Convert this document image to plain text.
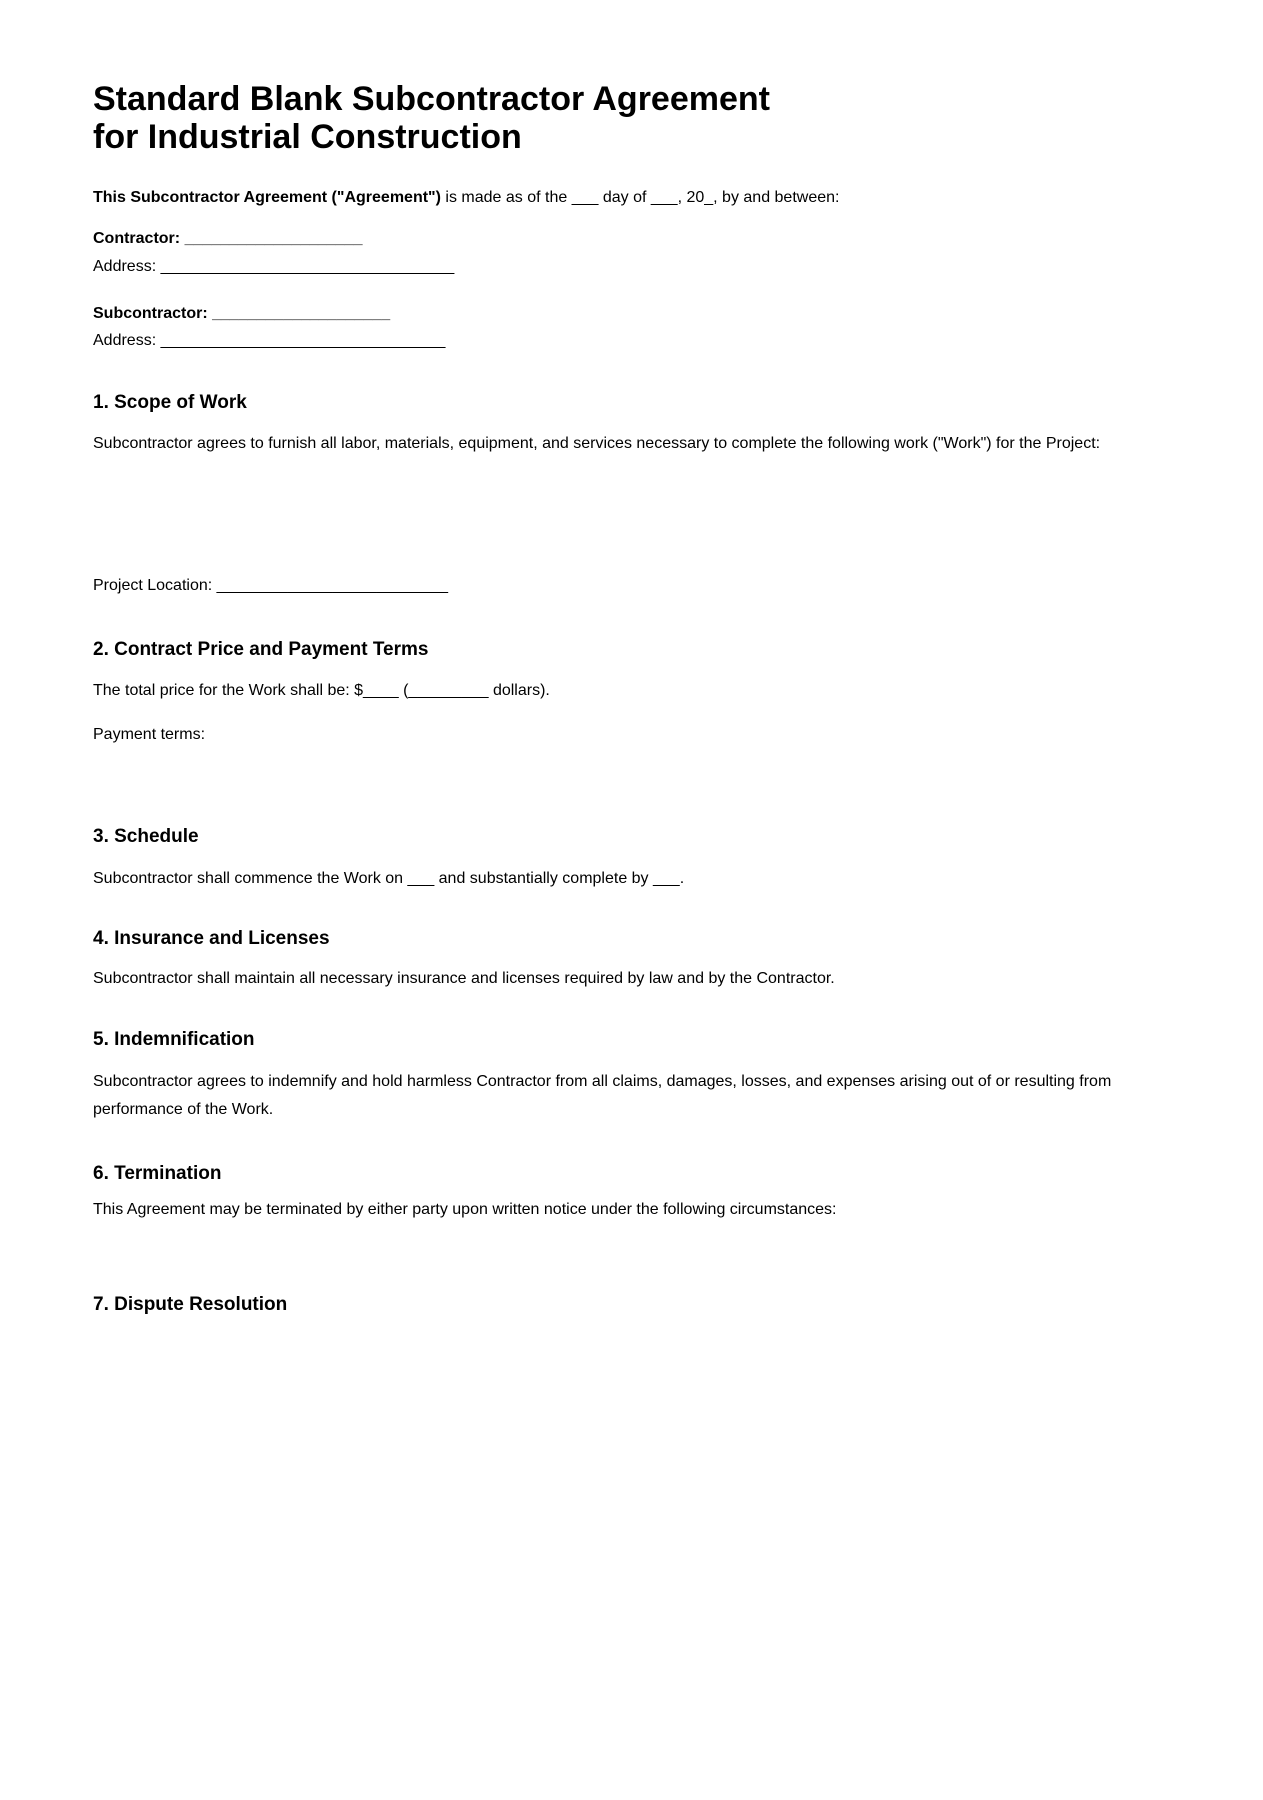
Standard Blank Subcontractor Agreement
for Industrial Construction
This Subcontractor Agreement ("Agreement") is made as of the ___ day of ___, 20_, by and between:
Contractor: ____________________
Address: _________________________________
Subcontractor: ____________________
Address: ________________________________
1. Scope of Work
Subcontractor agrees to furnish all labor, materials, equipment, and services necessary to complete the following work ("Work") for the Project:
Project Location: __________________________
2. Contract Price and Payment Terms
The total price for the Work shall be: $____ (_________ dollars).
Payment terms:
3. Schedule
Subcontractor shall commence the Work on ___ and substantially complete by ___.
4. Insurance and Licenses
Subcontractor shall maintain all necessary insurance and licenses required by law and by the Contractor.
5. Indemnification
Subcontractor agrees to indemnify and hold harmless Contractor from all claims, damages, losses, and expenses arising out of or resulting from performance of the Work.
6. Termination
This Agreement may be terminated by either party upon written notice under the following circumstances:
7. Dispute Resolution
